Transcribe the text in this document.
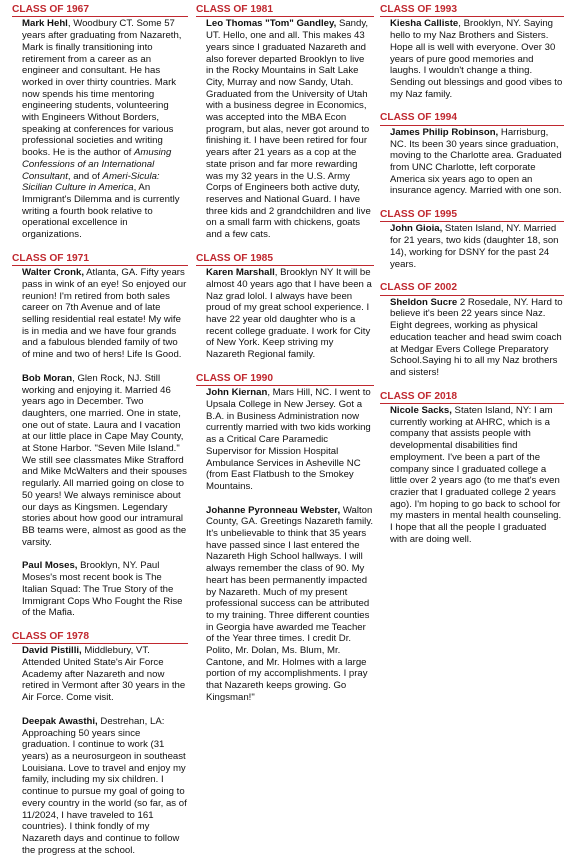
CLASS OF 1967

Mark Hehl, Woodbury CT. Some 57 years after graduating from Nazareth, Mark is finally transitioning into retirement from a career as an engineer and consultant. He has worked in over thirty countries. Mark now spends his time mentoring engineering students, volunteering with Engineers Without Borders, speaking at conferences for various professional societies and writing books. He is the author of Amusing Confessions of an International Consultant, and of Ameri-Sicula: Sicilian Culture in America, An Immigrant's Dilemma and is currently writing a fourth book relative to operational excellence in organizations.

CLASS OF 1971

Walter Cronk, Atlanta, GA. Fifty years pass in wink of an eye! So enjoyed our reunion! I'm retired from both sales career on 7th Avenue and of late selling residential real estate! My wife is in media and we have four grands and a fabulous blended family of two of mine and two of hers! Life Is Good.

Bob Moran, Glen Rock, NJ. Still working and enjoying it. Married 46 years ago in December. Two daughters, one married. One in state, one out of state. Laura and I vacation at our little place in Cape May County, at Stone Harbor. "Seven Mile Island." We still see classmates Mike Strafford and Mike McWalters and their spouses regularly. All married going on close to 50 years! We always reminisce about our days as Kingsmen. Legendary stories about how good our intramural BB teams were, almost as good as the varsity.

Paul Moses, Brooklyn, NY. Paul Moses's most recent book is The Italian Squad: The True Story of the Immigrant Cops Who Fought the Rise of the Mafia.

CLASS OF 1978

David Pistilli, Middlebury, VT. Attended United State's Air Force Academy after Nazareth and now retired in Vermont after 30 years in the Air Force. Come visit.

Deepak Awasthi, Destrehan, LA: Approaching 50 years since graduation. I continue to work (31 years) as a neurosurgeon in southeast Louisiana. Love to travel and enjoy my family, including my six children. I continue to pursue my goal of going to every country in the world (so far, as of 11/2024, I have traveled to 161 countries). I think fondly of my Nazareth days and continue to follow the progress at the school.

CLASS OF 1981

Leo Thomas "Tom" Gandley, Sandy, UT. Hello, one and all. This makes 43 years since I graduated Nazareth and also forever departed Brooklyn to live in the Rocky Mountains in Salt Lake City, Murray and now Sandy, Utah. Graduated from the University of Utah with a business degree in Economics, was accepted into the MBA Econ program, but alas, never got around to finishing it. I have been retired for four years after 21 years as a cop at the state prison and far more rewarding was my 32 years in the U.S. Army Corps of Engineers both active duty, reserves and National Guard. I have three kids and 2 grandchildren and live on a small farm with chickens, goats and a few cats.

CLASS OF 1985

Karen Marshall, Brooklyn NY It will be almost 40 years ago that I have been a Naz grad lolol. I always have been proud of my great school experience. I have 22 year old daughter who is a recent college graduate. I work for City of New York. Keep striving my Nazareth Regional family.

CLASS OF 1990

John Kiernan, Mars Hill, NC. I went to Upsala College in New Jersey. Got a B.A. in Business Administration now currently married with two kids working as a Critical Care Paramedic Supervisor for Mission Hospital Ambulance Services in Asheville NC (from East Flatbush to the Smokey Mountains.

Johanne Pyronneau Webster, Walton County, GA. Greetings Nazareth family. It's unbelievable to think that 35 years have passed since I last entered the Nazareth High School hallways. I will always remember the class of 90. My heart has been permanently impacted by Nazareth. Much of my present professional success can be attributed to my training. Three different counties in Georgia have awarded me Teacher of the Year three times. I credit Dr. Polito, Mr. Dolan, Ms. Blum, Mr. Cantone, and Mr. Holmes with a large portion of my accomplishments. I pray that Nazareth keeps growing. Go Kingsman!"

CLASS OF 1993

Kiesha Calliste, Brooklyn, NY. Saying hello to my Naz Brothers and Sisters. Hope all is well with everyone. Over 30 years of pure good memories and laughs. I wouldn't change a thing. Sending out blessings and good vibes to my Naz family.

CLASS OF 1994

James Philip Robinson, Harrisburg, NC. Its been 30 years since graduation, moving to the Charlotte area. Graduated from UNC Charlotte, left corporate America six years ago to open an insurance agency. Married with one son.

CLASS OF 1995

John Gioia, Staten Island, NY. Married for 21 years, two kids (daughter 18, son 14), working for DSNY for the past 24 years.

CLASS OF 2002

Sheldon Sucre 2 Rosedale, NY. Hard to believe it's been 22 years since Naz. Eight degrees, working as physical education teacher and head swim coach at Medgar Evers College Preparatory School.Saying hi to all my Naz brothers and sisters!

CLASS OF 2018

Nicole Sacks, Staten Island, NY: I am currently working at AHRC, which is a company that assists people with developmental disabilities find employment. I've been a part of the company since I graduated college a little over 2 years ago (to me that's even crazier that I graduated college 2 years ago). I'm hoping to go back to school for my masters in mental health counseling. I hope that all the people I graduated with are doing well.
